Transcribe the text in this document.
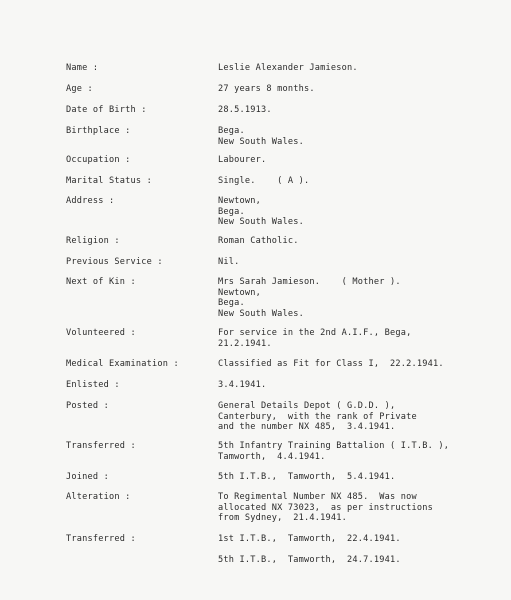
Name :	Leslie Alexander Jamieson.
Age :	27 years 8 months.
Date of Birth :	28.5.1913.
Birthplace :	Bega.
New South Wales.
Occupation :	Labourer.
Marital Status :	Single.    ( A ).
Address :	Newtown,
Bega.
New South Wales.
Religion :	Roman Catholic.
Previous Service :	Nil.
Next of Kin :	Mrs Sarah Jamieson.    ( Mother ).
Newtown,
Bega.
New South Wales.
Volunteered :	For service in the 2nd A.I.F., Bega,
21.2.1941.
Medical Examination :	Classified as Fit for Class I,  22.2.1941.
Enlisted :	3.4.1941.
Posted :	General Details Depot ( G.D.D. ),
Canterbury,  with the rank of Private
and the number NX 485,  3.4.1941.
Transferred :	5th Infantry Training Battalion ( I.T.B. ),
Tamworth,  4.4.1941.
Joined :	5th I.T.B.,  Tamworth,  5.4.1941.
Alteration :	To Regimental Number NX 485.  Was now
allocated NX 73023,  as per instructions
from Sydney,  21.4.1941.
Transferred :	1st I.T.B.,  Tamworth,  22.4.1941.
5th I.T.B.,  Tamworth,  24.7.1941.
